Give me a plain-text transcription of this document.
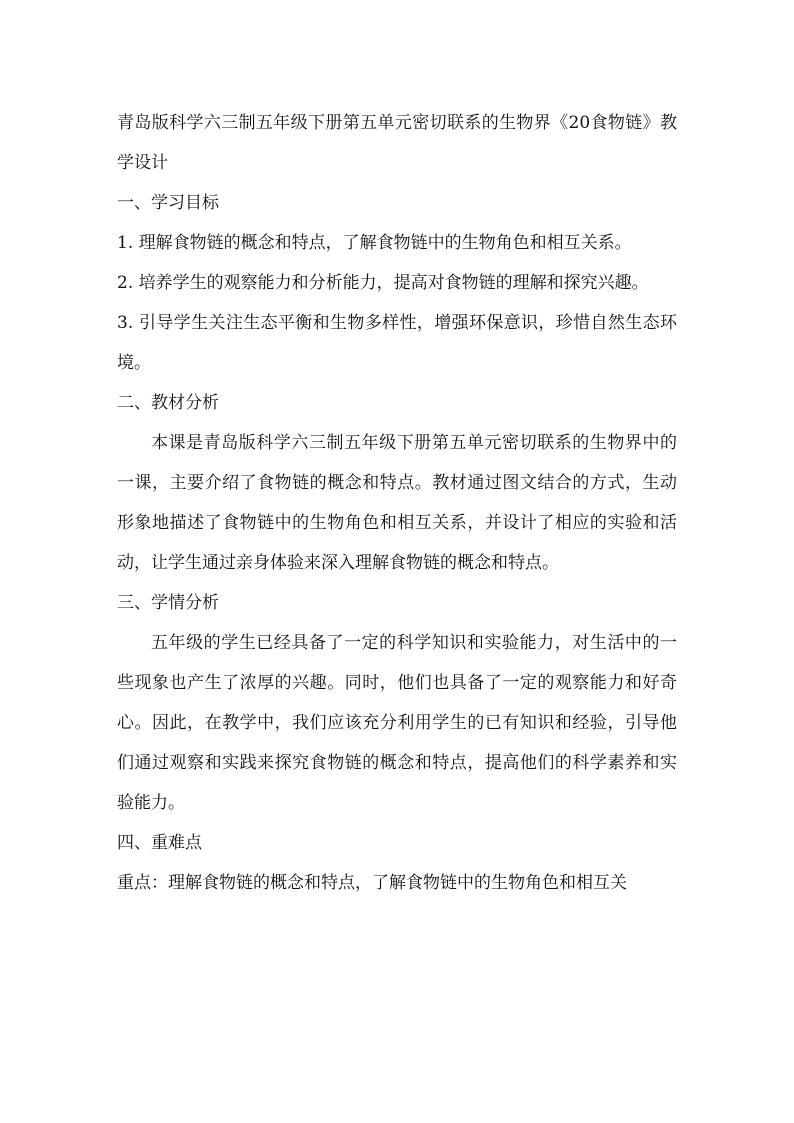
青岛版科学六三制五年级下册第五单元密切联系的生物界《20食物链》教学设计

一、学习目标

1. 理解食物链的概念和特点，了解食物链中的生物角色和相互关系。

2. 培养学生的观察能力和分析能力，提高对食物链的理解和探究兴趣。

3. 引导学生关注生态平衡和生物多样性，增强环保意识，珍惜自然生态环境。

二、教材分析

本课是青岛版科学六三制五年级下册第五单元密切联系的生物界中的一课，主要介绍了食物链的概念和特点。教材通过图文结合的方式，生动形象地描述了食物链中的生物角色和相互关系，并设计了相应的实验和活动，让学生通过亲身体验来深入理解食物链的概念和特点。

三、学情分析

五年级的学生已经具备了一定的科学知识和实验能力，对生活中的一些现象也产生了浓厚的兴趣。同时，他们也具备了一定的观察能力和好奇心。因此，在教学中，我们应该充分利用学生的已有知识和经验，引导他们通过观察和实践来探究食物链的概念和特点，提高他们的科学素养和实验能力。

四、重难点

重点：理解食物链的概念和特点，了解食物链中的生物角色和相互关
